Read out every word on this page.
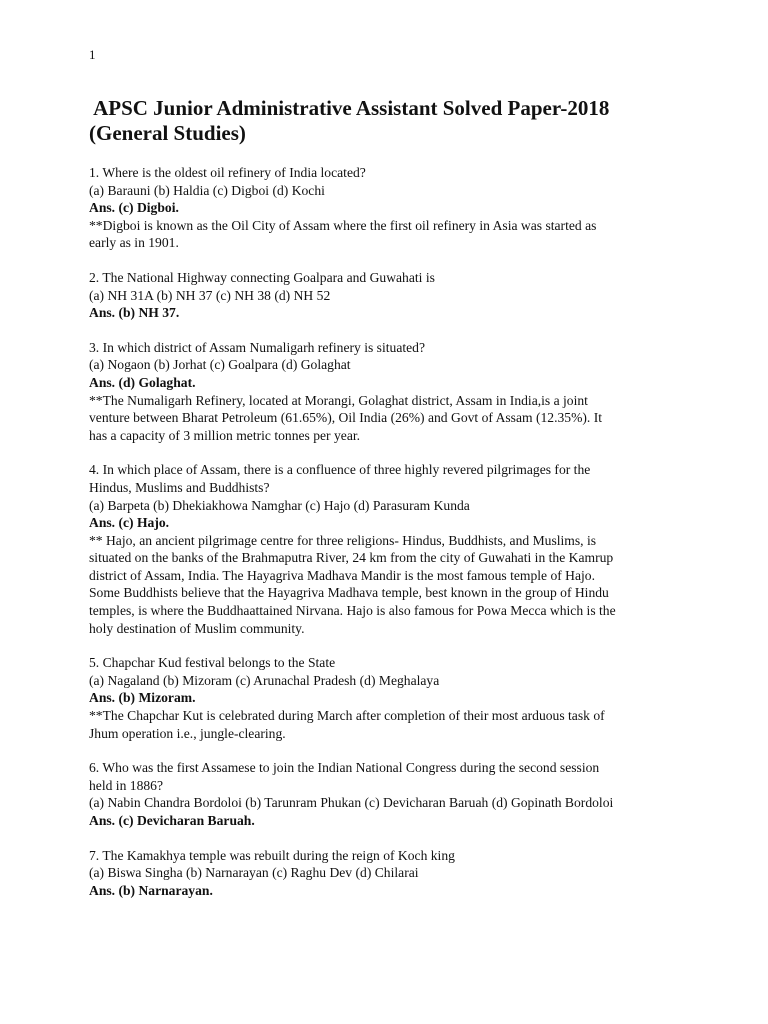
1
APSC Junior Administrative Assistant Solved Paper-2018
(General Studies)
1. Where is the oldest oil refinery of India located?
(a) Barauni (b) Haldia (c) Digboi (d) Kochi
Ans. (c) Digboi.
**Digboi is known as the Oil City of Assam where the first oil refinery in Asia was started as
early as in 1901.
2. The National Highway connecting Goalpara and Guwahati is
(a) NH 31A (b) NH 37 (c) NH 38 (d) NH 52
Ans. (b) NH 37.
3. In which district of Assam Numaligarh refinery is situated?
(a) Nogaon (b) Jorhat (c) Goalpara (d) Golaghat
Ans. (d) Golaghat.
**The Numaligarh Refinery, located at Morangi, Golaghat district, Assam in India,is a joint
venture between Bharat Petroleum (61.65%), Oil India (26%) and Govt of Assam (12.35%). It
has a capacity of 3 million metric tonnes per year.
4. In which place of Assam, there is a confluence of three highly revered pilgrimages for the
Hindus, Muslims and Buddhists?
(a) Barpeta (b) Dhekiakhowa Namghar (c) Hajo (d) Parasuram Kunda
Ans. (c) Hajo.
** Hajo, an ancient pilgrimage centre for three religions- Hindus, Buddhists, and Muslims, is
situated on the banks of the Brahmaputra River, 24 km from the city of Guwahati in the Kamrup
district of Assam, India. The Hayagriva Madhava Mandir is the most famous temple of Hajo.
Some Buddhists believe that the Hayagriva Madhava temple, best known in the group of Hindu
temples, is where the Buddhaattained Nirvana. Hajo is also famous for Powa Mecca which is the
holy destination of Muslim community.
5. Chapchar Kud festival belongs to the State
(a) Nagaland (b) Mizoram (c) Arunachal Pradesh (d) Meghalaya
Ans. (b) Mizoram.
**The Chapchar Kut is celebrated during March after completion of their most arduous task of
Jhum operation i.e., jungle-clearing.
6. Who was the first Assamese to join the Indian National Congress during the second session
held in 1886?
(a) Nabin Chandra Bordoloi (b) Tarunram Phukan (c) Devicharan Baruah (d) Gopinath Bordoloi
Ans. (c) Devicharan Baruah.
7. The Kamakhya temple was rebuilt during the reign of Koch king
(a) Biswa Singha (b) Narnarayan (c) Raghu Dev (d) Chilarai
Ans. (b) Narnarayan.
